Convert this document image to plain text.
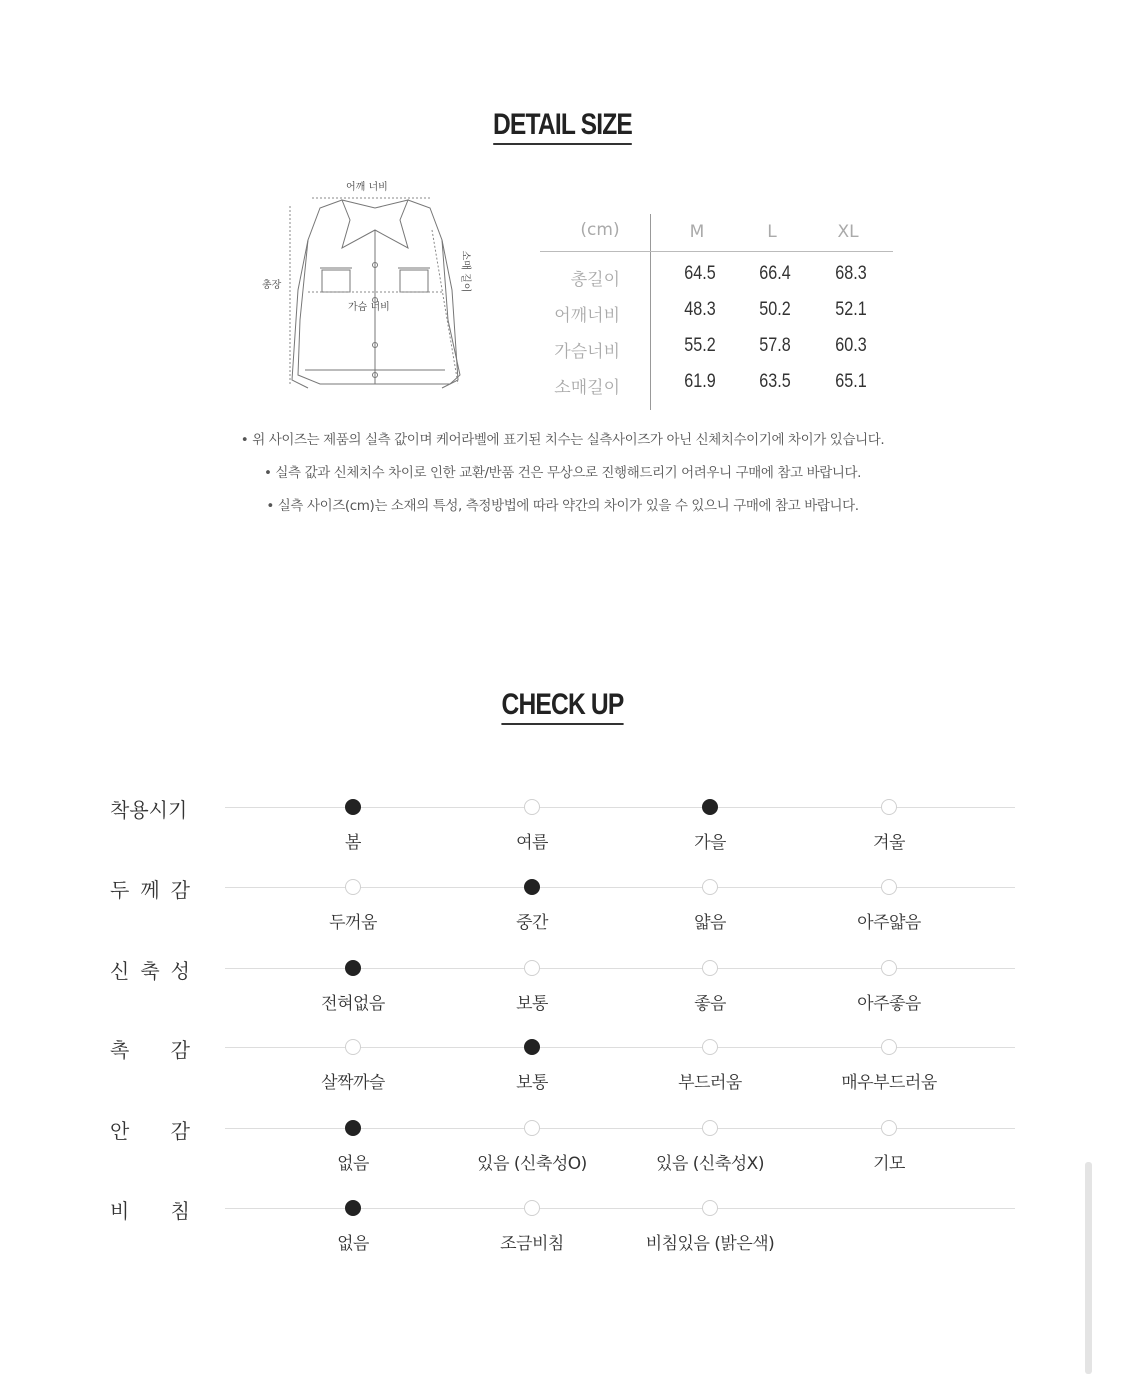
DETAIL SIZE
어깨 너비
총장
가슴 너비
소매 길이
(cm)	M	L	XL
총길이	64.5	66.4	68.3
어깨너비	48.3	50.2	52.1
가슴너비	55.2	57.8	60.3
소매길이	61.9	63.5	65.1
• 위 사이즈는 제품의 실측 값이며 케어라벨에 표기된 치수는 실측사이즈가 아닌 신체치수이기에 차이가 있습니다.
• 실측 값과 신체치수 차이로 인한 교환/반품 건은 무상으로 진행해드리기 어려우니 구매에 참고 바랍니다.
• 실측 사이즈(cm)는 소재의 특성, 측정방법에 따라 약간의 차이가 있을 수 있으니 구매에 참고 바랍니다.
CHECK UP
착용시기
봄	여름	가을	겨울
두 께 감
두꺼움	중간	얇음	아주얇음
신 축 성
전혀없음	보통	좋음	아주좋음
촉 감
살짝까슬	보통	부드러움	매우부드러움
안 감
없음	있음 (신축성O)	있음 (신축성X)	기모
비 침
없음	조금비침	비침있음 (밝은색)
